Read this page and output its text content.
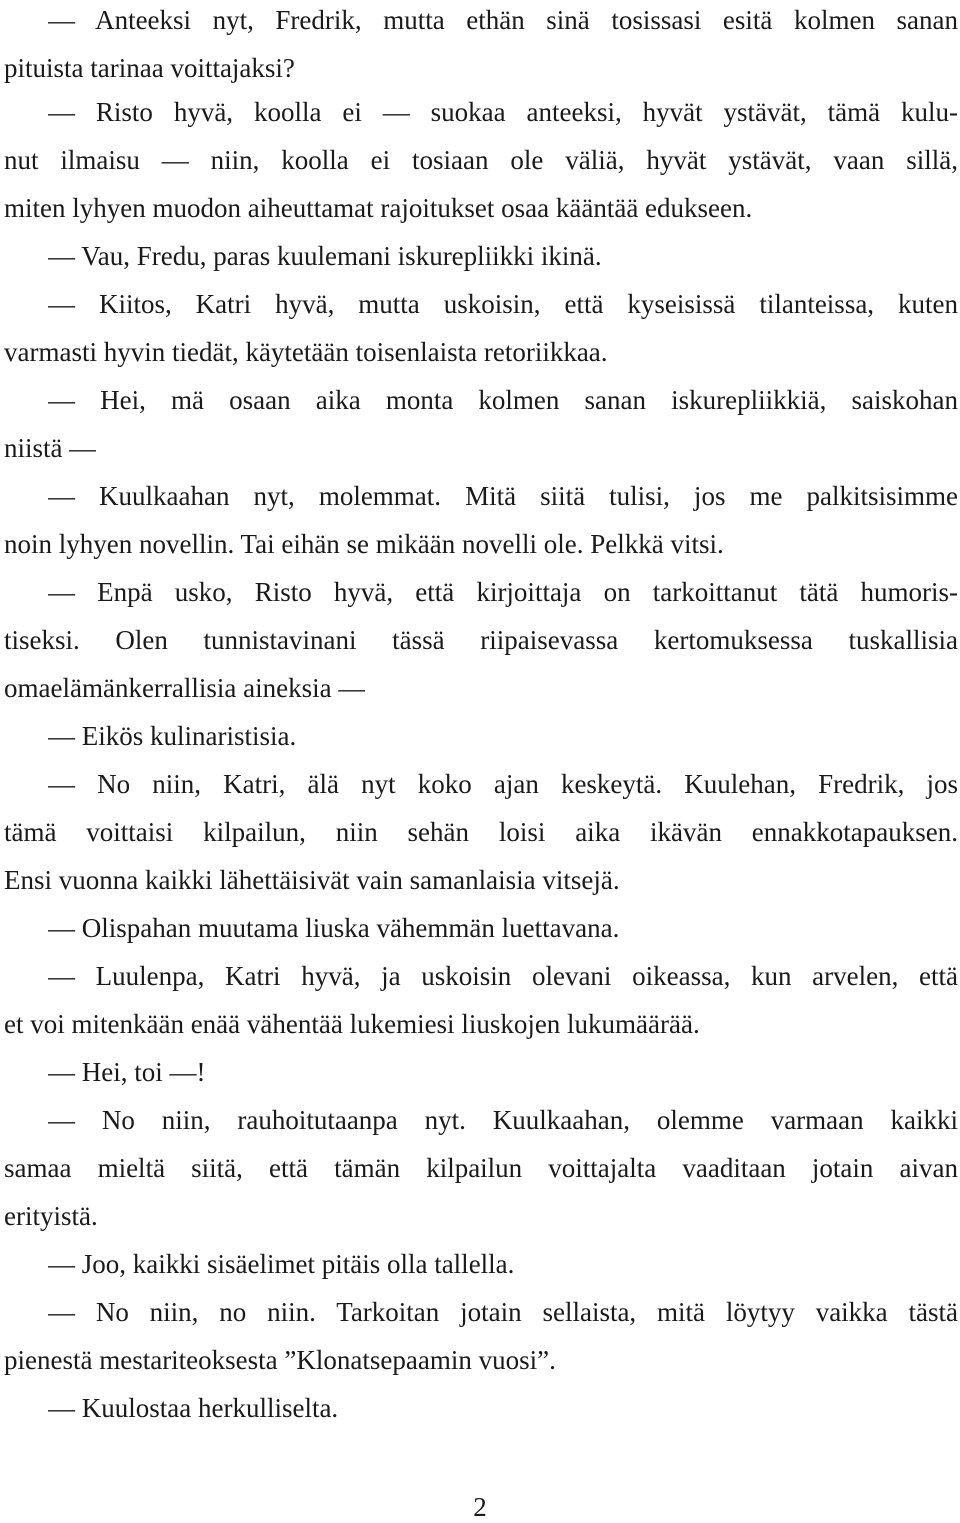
— Anteeksi nyt, Fredrik, mutta ethän sinä tosissasi esitä kolmen sanan
pituista tarinaa voittajaksi?
— Risto hyvä, koolla ei — suokaa anteeksi, hyvät ystävät, tämä kulu-
nut ilmaisu — niin, koolla ei tosiaan ole väliä, hyvät ystävät, vaan sillä,
miten lyhyen muodon aiheuttamat rajoitukset osaa kääntää edukseen.
— Vau, Fredu, paras kuulemani iskurepliikki ikinä.
— Kiitos, Katri hyvä, mutta uskoisin, että kyseisissä tilanteissa, kuten
varmasti hyvin tiedät, käytetään toisenlaista retoriikkaa.
— Hei, mä osaan aika monta kolmen sanan iskurepliikkiä, saiskohan
niistä —
— Kuulkaahan nyt, molemmat. Mitä siitä tulisi, jos me palkitsisimme
noin lyhyen novellin. Tai eihän se mikään novelli ole. Pelkkä vitsi.
— Enpä usko, Risto hyvä, että kirjoittaja on tarkoittanut tätä humoris-
tiseksi. Olen tunnistavinani tässä riipaisevassa kertomuksessa tuskallisia
omaelämänkerrallisia aineksia —
— Eikös kulinaristisia.
— No niin, Katri, älä nyt koko ajan keskeytä. Kuulehan, Fredrik, jos
tämä voittaisi kilpailun, niin sehän loisi aika ikävän ennakkotapauksen.
Ensi vuonna kaikki lähettäisivät vain samanlaisia vitsejä.
— Olispahan muutama liuska vähemmän luettavana.
— Luulenpa, Katri hyvä, ja uskoisin olevani oikeassa, kun arvelen, että
et voi mitenkään enää vähentää lukemiesi liuskojen lukumäärää.
— Hei, toi —!
— No niin, rauhoitutaanpa nyt. Kuulkaahan, olemme varmaan kaikki
samaa mieltä siitä, että tämän kilpailun voittajalta vaaditaan jotain aivan
erityistä.
— Joo, kaikki sisäelimet pitäis olla tallella.
— No niin, no niin. Tarkoitan jotain sellaista, mitä löytyy vaikka tästä
pienestä mestariteoksesta ”Klonatsepaamin vuosi”.
— Kuulostaa herkulliselta.
2
